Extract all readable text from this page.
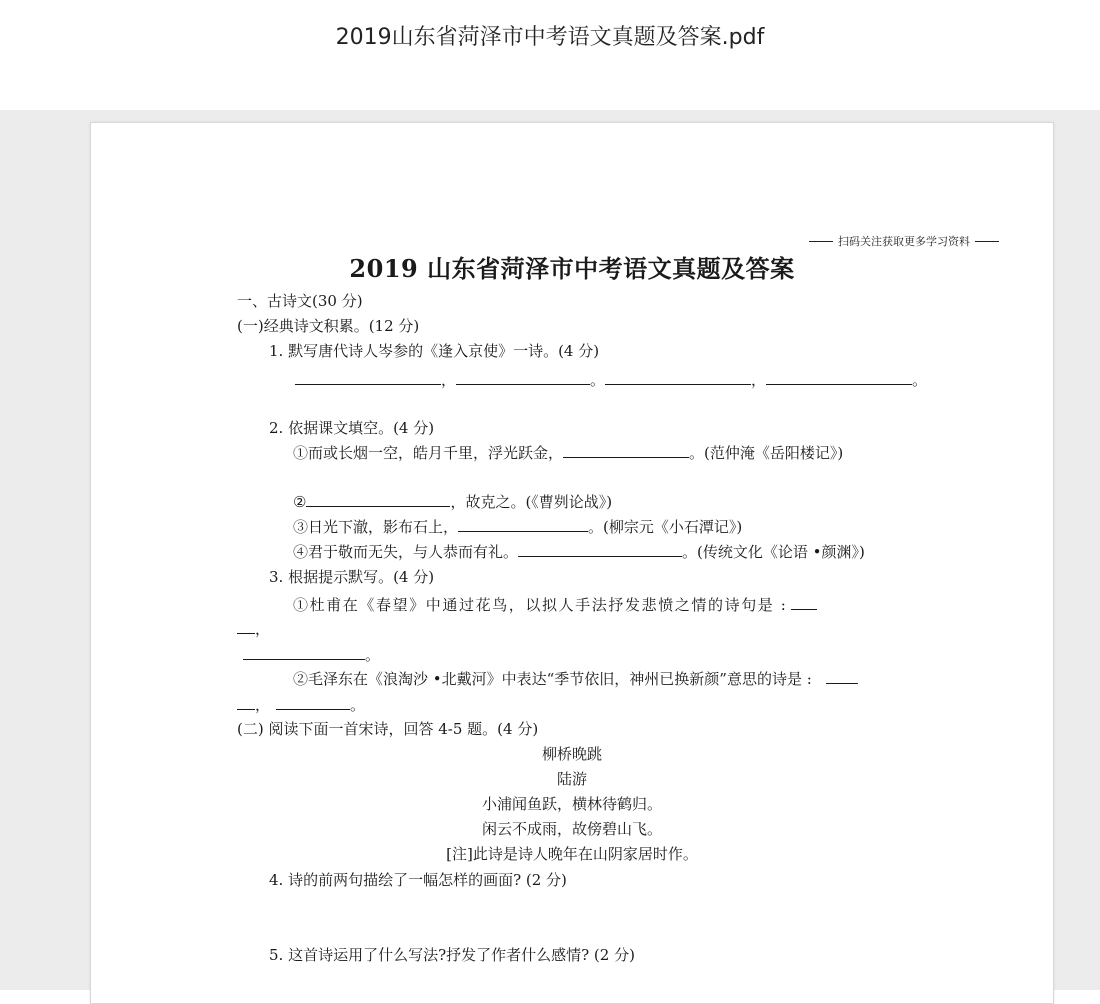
2019山东省菏泽市中考语文真题及答案.pdf
扫码关注获取更多学习资料
2019 山东省菏泽市中考语文真题及答案
一、古诗文(30 分)
(一)经典诗文积累。(12 分)
1. 默写唐代诗人岑参的《逢入京使》一诗。(4 分)
，	。	，	。
2. 依据课文填空。(4 分)
①而或长烟一空，皓月千里，浮光跃金，	。(范仲淹《岳阳楼记》)
②	，故克之。(《曹刿论战》)
③日光下澈，影布石上，	。(柳宗元《小石潭记》)
④君于敬而无失，与人恭而有礼。	。(传统文化《论语 •颜渊》)
3. 根据提示默写。(4 分)
①杜甫在《春望》中通过花鸟，以拟人手法抒发悲愤之情的诗句是 :
，
。
②毛泽东在《浪淘沙 •北戴河》中表达“季节依旧，神州已换新颜”意思的诗是 :
，	。
(二) 阅读下面一首宋诗，回答 4-5 题。(4 分)
柳桥晚跳
陆游
小浦闻鱼跃，横林待鹤归。
闲云不成雨，故傍碧山飞。
[注]此诗是诗人晚年在山阴家居时作。
4. 诗的前两句描绘了一幅怎样的画面? (2 分)
5. 这首诗运用了什么写法?抒发了作者什么感情? (2 分)
